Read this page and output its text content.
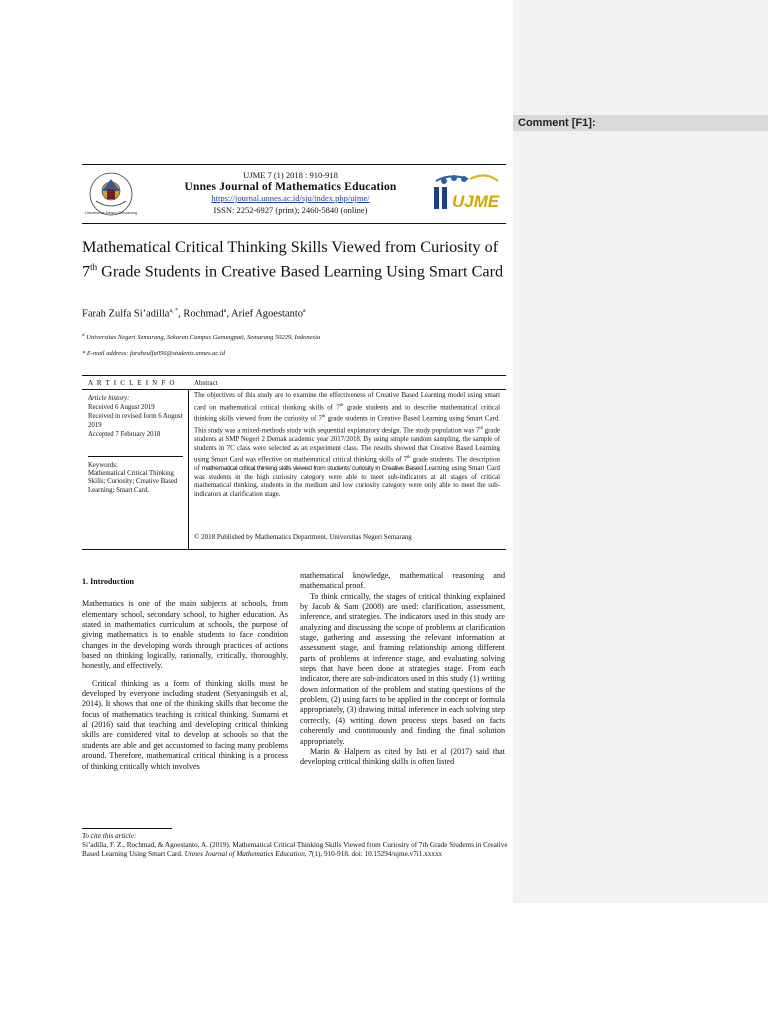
Universitas Negeri Semarang
UJME 7 (1) 2018 : 910-918
Unnes Journal of Mathematics Education
https://journal.unnes.ac.id/sju/index.php/ujme/
ISSN: 2252-6927 (print); 2460-5840 (online)	UJME
Mathematical Critical Thinking Skills Viewed from Curiosity of 7th Grade Students in Creative Based Learning Using Smart Card
Farah Zulfa Si’adilla$^{a, *}$, Rochmad$^a$, Arief Agoestanto$^a$
$^a$ Universitas Negeri Semarang, Sekaran Campus Gunungpati, Semarang 50229, Indonesia
* E-mail address: farahzulfa056@students.unnes.ac.id
A R T I C L E I N F O	Abstract
Article history:
Received 6 August 2019
Received in revised form 6 August 2019
Accepted 7 February 2018
Keywords:
Mathematical Critical Thinking Skills; Curiosity; Creative Based Learning; Smart Card.

The objectives of this study are to examine the effectiveness of Creative Based Learning model using smart card on mathematical critical thinking skills of 7th grade students and to describe mathematical critical thinking skills viewed from the curiosity of 7th grade students in Creative Based Learning using Smart Card. This study was a mixed-methods study with sequential explanatory design. The study population was 7th grade students at SMP Negeri 2 Demak academic year 2017/2018. By using simple random sampling, the sample of students in 7C class were selected as an experiment class. The results showed that Creative Based Learning using Smart Card was effective on mathematical critical thinking skills of 7th grade students. The description of mathematical critical thinking skills viewed from students’ curiosity in Creative Based Learning using Smart Card was students in the high curiosity category were able to meet sub-indicators at all stages of critical mathematical thinking, students in the medium and low curiosity category were only able to meet the sub-indicators at clarification stage.

© 2018 Published by Mathematics Department, Universitas Negeri Semarang
1. Introduction

Mathematics is one of the main subjects at schools, from elementary school, secondary school, to higher education. As stated in mathematics curriculum at schools, the purpose of giving mathematics is to enable students to face condition changes in the developing words through practices of actions based on thinking logically, rationally, critically, thoroughly, honestly, and effectively.

Critical thinking as a form of thinking skills must be developed by everyone including student (Setyaningsih et al, 2014). It shows that one of the thinking skills that become the focus of mathematics teaching is critical thinking. Sumarni et al (2016) said that teaching and developing critical thinking skills are considered vital to develop at schools so that the students are able and get accustomed to facing many problems around. Therefore, mathematical critical thinking is a process of thinking critically which involves

mathematical knowledge, mathematical reasoning and mathematical proof.

To think critically, the stages of critical thinking explained by Jacob & Sam (2008) are used: clarification, assessment, inference, and strategies. The indicators used in this study are analyzing and discussing the scope of problems at clarification stage, gathering and assessing the relevant information at assessment stage, and framing relationship among different parts of problems at inference stage, and evaluating solving steps that have been done at strategies stage. From each indicator, there are sub-indicators used in this study (1) writing down information of the problem and stating questions of the problem, (2) using facts to be applied in the concept or formula appropriately, (3) drawing initial inference in each solving step correctly, (4) writing down process steps based on facts coherently and continuously and finding the final solution appropriately.

Marin & Halpern as cited by Isti et al (2017) said that developing critical thinking skills is often listed

To cite this article:
Si’adilla, F. Z., Rochmad, & Agoestanto, A. (2019). Mathematical Critical Thinking Skills Viewed from Curiosity of 7th Grade Students in Creative Based Learning Using Smart Card. Unnes Journal of Mathematics Education, 7(1), 910-918. doi: 10.15294/ujme.v7i1.xxxxx
Comment [F1]:
